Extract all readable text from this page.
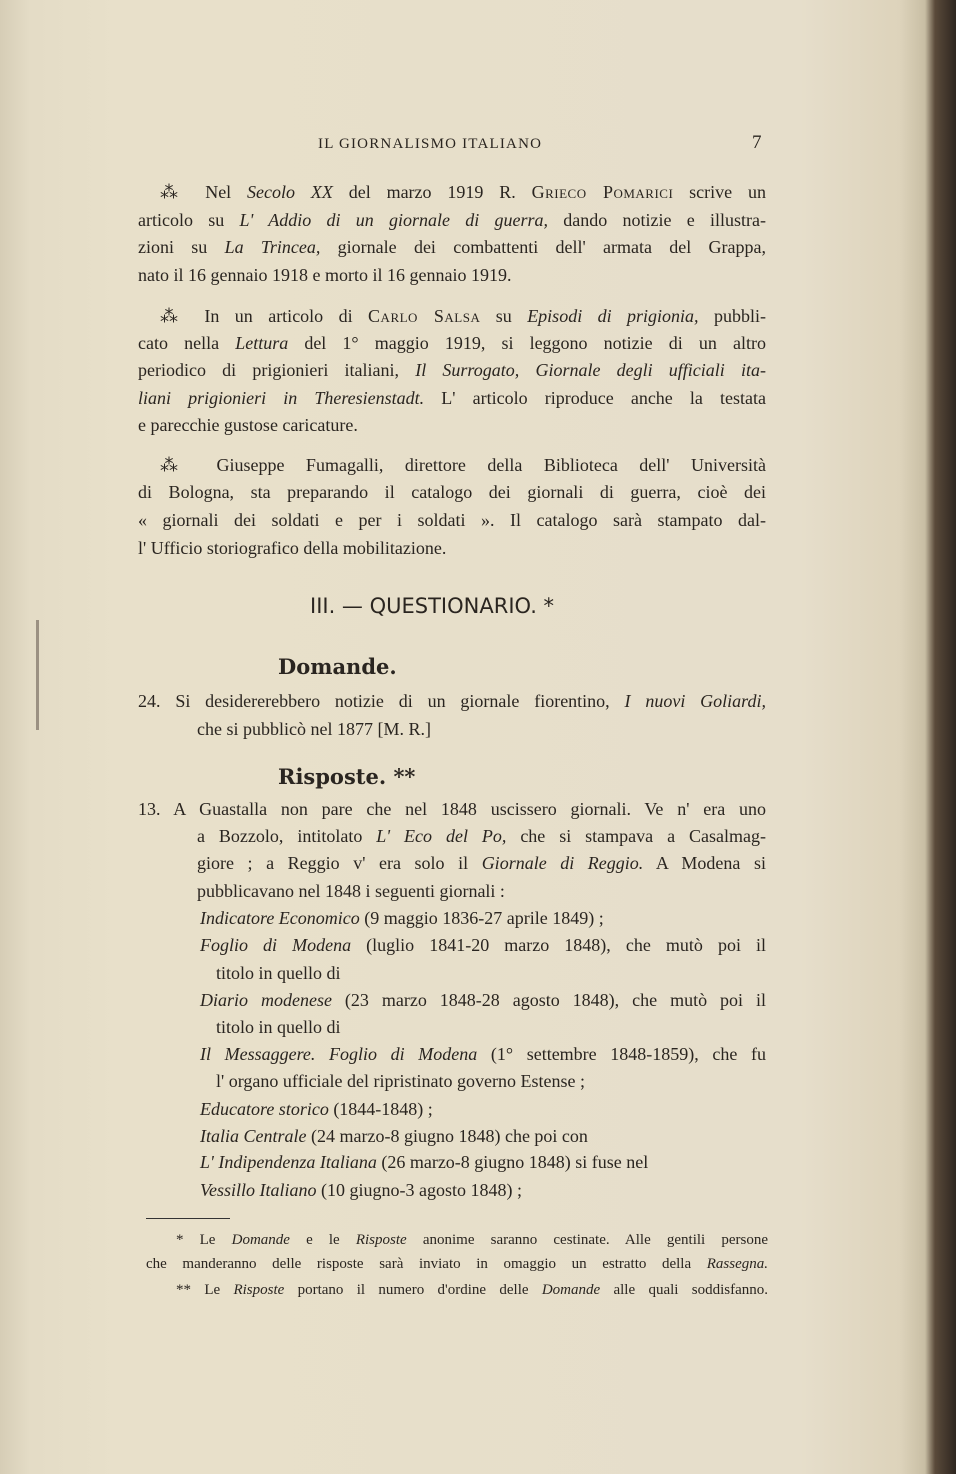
IL GIORNALISMO ITALIANO	7
III. — QUESTIONARIO. *
Domande.
Risposte. **
⁂ Nel Secolo XX del marzo 1919 R. Grieco Pomarici scrive un
articolo su L' Addio di un giornale di guerra, dando notizie e illustra-
zioni su La Trincea, giornale dei combattenti dell' armata del Grappa,
nato il 16 gennaio 1918 e morto il 16 gennaio 1919.
⁂ In un articolo di Carlo Salsa su Episodi di prigionia, pubbli-
cato nella Lettura del 1° maggio 1919, si leggono notizie di un altro
periodico di prigionieri italiani, Il Surrogato, Giornale degli ufficiali ita-
liani prigionieri in Theresienstadt. L' articolo riproduce anche la testata
e parecchie gustose caricature.
⁂ Giuseppe Fumagalli, direttore della Biblioteca dell' Università
di Bologna, sta preparando il catalogo dei giornali di guerra, cioè dei
« giornali dei soldati e per i soldati ». Il catalogo sarà stampato dal-
l' Ufficio storiografico della mobilitazione.
24. Si desidererebbero notizie di un giornale fiorentino, I nuovi Goliardi,
che si pubblicò nel 1877 [M. R.]
13. A Guastalla non pare che nel 1848 uscissero giornali. Ve n' era uno
a Bozzolo, intitolato L' Eco del Po, che si stampava a Casalmag-
giore ; a Reggio v' era solo il Giornale di Reggio. A Modena si
pubblicavano nel 1848 i seguenti giornali :
Indicatore Economico (9 maggio 1836-27 aprile 1849) ;
Foglio di Modena (luglio 1841-20 marzo 1848), che mutò poi il
titolo in quello di
Diario modenese (23 marzo 1848-28 agosto 1848), che mutò poi il
titolo in quello di
Il Messaggere. Foglio di Modena (1° settembre 1848-1859), che fu
l' organo ufficiale del ripristinato governo Estense ;
Educatore storico (1844-1848) ;
Italia Centrale (24 marzo-8 giugno 1848) che poi con
L' Indipendenza Italiana (26 marzo-8 giugno 1848) si fuse nel
Vessillo Italiano (10 giugno-3 agosto 1848) ;
* Le Domande e le Risposte anonime saranno cestinate. Alle gentili persone
che manderanno delle risposte sarà inviato in omaggio un estratto della Rassegna.
** Le Risposte portano il numero d'ordine delle Domande alle quali soddisfanno.
